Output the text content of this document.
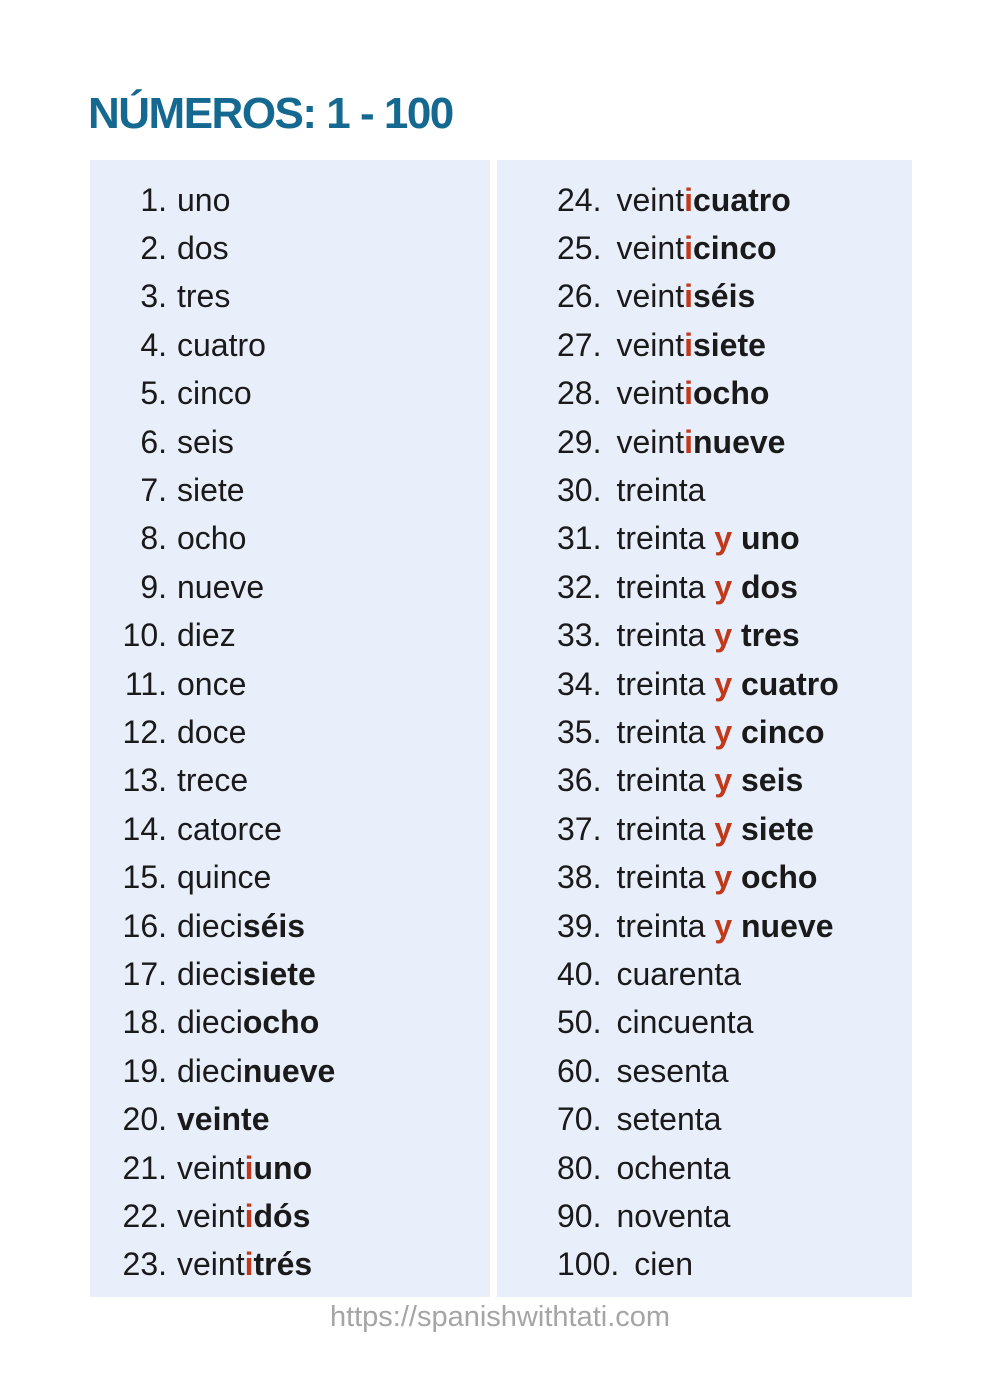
NÚMEROS: 1 - 100
1. uno
2. dos
3. tres
4. cuatro
5. cinco
6. seis
7. siete
8. ocho
9. nueve
10. diez
11. once
12. doce
13. trece
14. catorce
15. quince
16. dieciséis
17. diecisiete
18. dieciocho
19. diecinueve
20. veinte
21. veintiuno
22. veintidós
23. veintitrés
24. veinticuatro
25. veinticinco
26. veintiséis
27. veintisiete
28. veintiocho
29. veintinueve
30. treinta
31. treinta y uno
32. treinta y dos
33. treinta y tres
34. treinta y cuatro
35. treinta y cinco
36. treinta y seis
37. treinta y siete
38. treinta y ocho
39. treinta y nueve
40. cuarenta
50. cincuenta
60. sesenta
70. setenta
80. ochenta
90. noventa
100. cien
https://spanishwithtati.com
